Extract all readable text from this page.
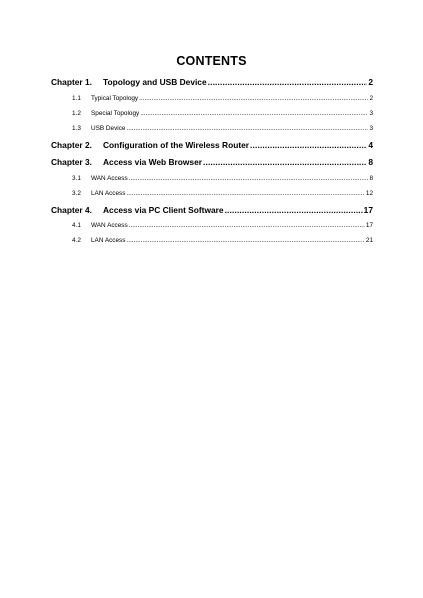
CONTENTS
Chapter 1.	Topology and USB Device .....	2
1.1	Typical Topology .....	2
1.2	Special Topology .....	3
1.3	USB Device .....	3
Chapter 2.	Configuration of the Wireless Router .....	4
Chapter 3.	Access via Web Browser .....	8
3.1	WAN Access .....	8
3.2	LAN Access .....	12
Chapter 4.	Access via PC Client Software .....	17
4.1	WAN Access .....	17
4.2	LAN Access .....	21
